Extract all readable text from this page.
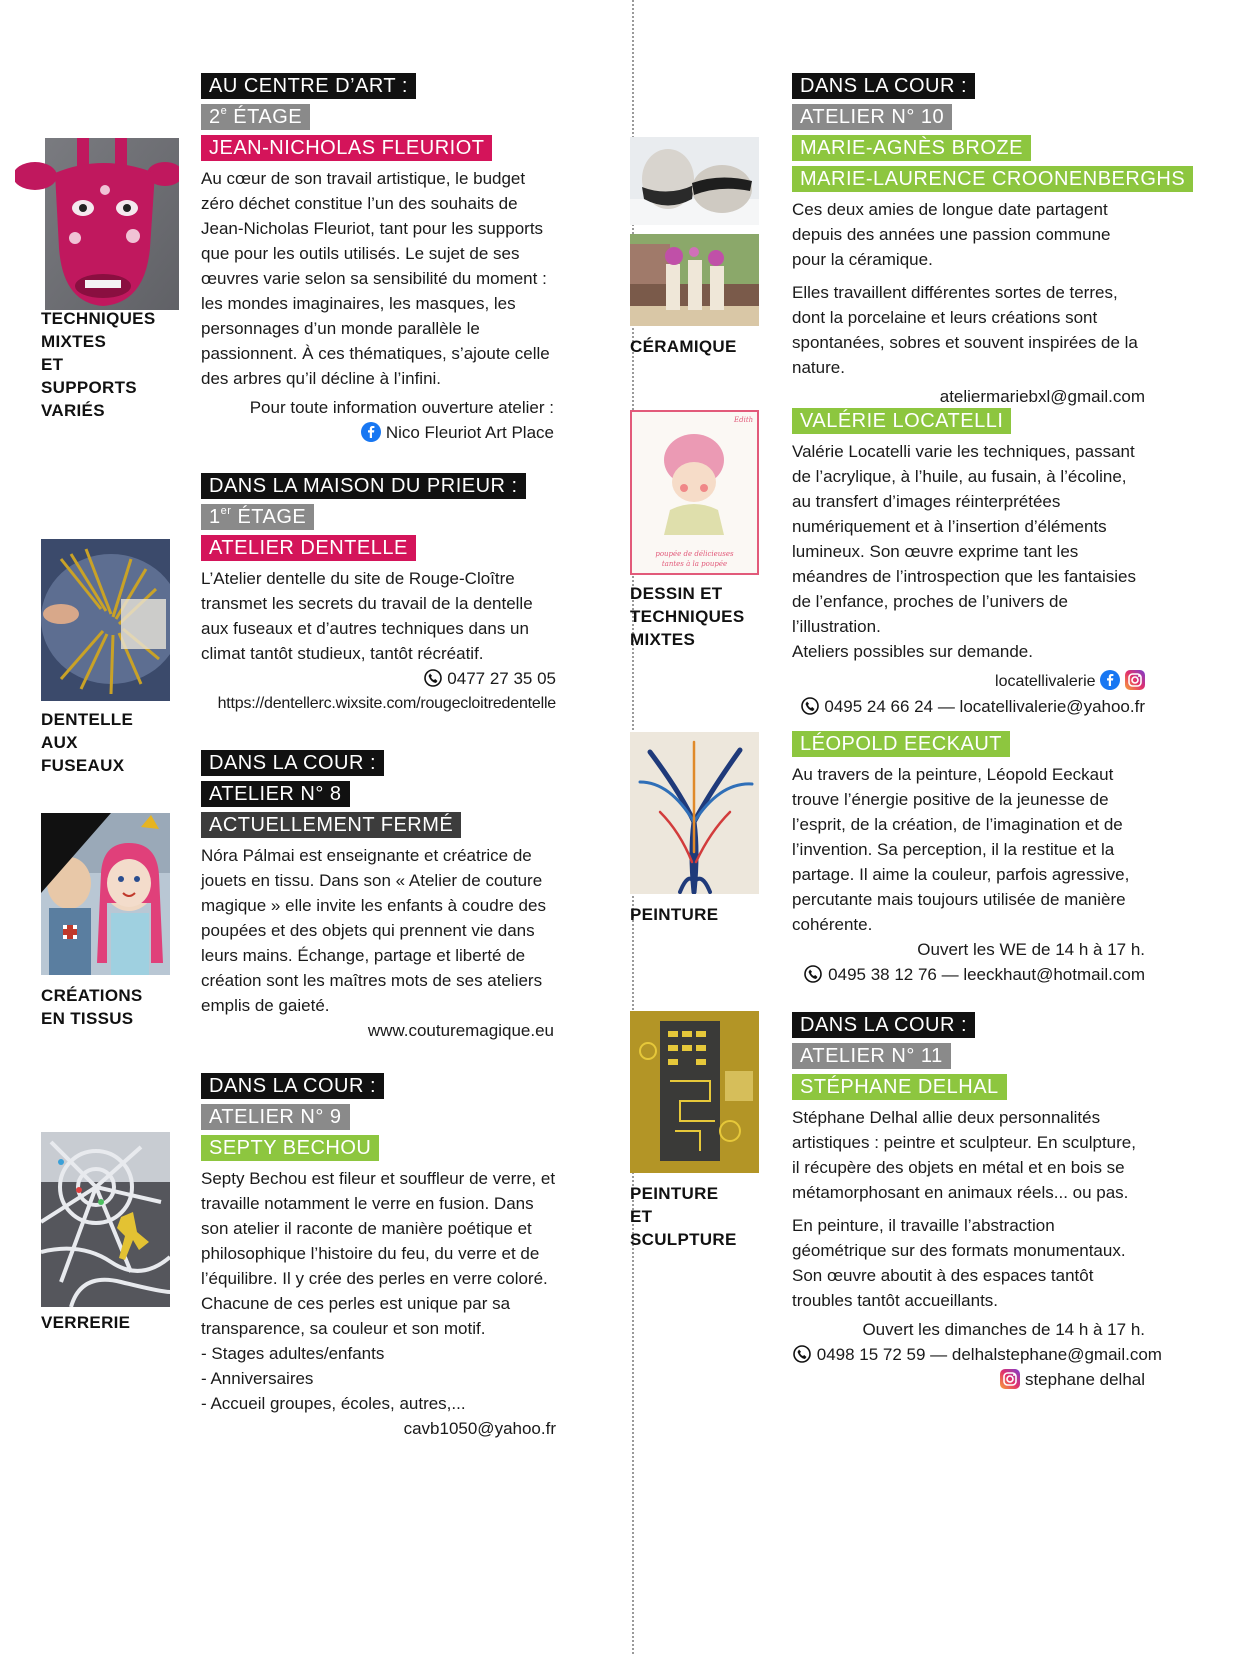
TECHNIQUES
MIXTES
ET SUPPORTS
VARIÉS
AU CENTRE D’ART :
2e ÉTAGE
JEAN-NICHOLAS FLEURIOT

Au cœur de son travail artistique, le budget zéro déchet constitue l’un des souhaits de Jean-Nicholas Fleuriot, tant pour les supports que pour les outils utilisés. Le sujet de ses œuvres varie selon sa sensibilité du moment : les mondes imaginaires, les masques, les personnages d’un monde parallèle le passionnent. À ces thématiques, s’ajoute celle des arbres qu’il décline à l’infini.

Pour toute information ouverture atelier :
Nico Fleuriot Art Place
DENTELLE
AUX FUSEAUX
DANS LA MAISON DU PRIEUR :
1er ÉTAGE
ATELIER DENTELLE

L’Atelier dentelle du site de Rouge-Cloître transmet les secrets du travail de la dentelle aux fuseaux et d’autres techniques dans un climat tantôt studieux, tantôt récréatif.

0477 27 35 05
https://dentellerc.wixsite.com/rougecloitredentelle
CRÉATIONS
EN TISSUS
DANS LA COUR :
ATELIER N° 8
ACTUELLEMENT FERMÉ

Nóra Pálmai est enseignante et créatrice de jouets en tissu. Dans son « Atelier de couture magique » elle invite les enfants à coudre des poupées et des objets qui prennent vie dans leurs mains. Échange, partage et liberté de création sont les maîtres mots de ses ateliers emplis de gaieté.

www.couturemagique.eu
VERRERIE
DANS LA COUR :
ATELIER N° 9
SEPTY BECHOU

Septy Bechou est fileur et souffleur de verre, et travaille notamment le verre en fusion. Dans son atelier il raconte de manière poétique et philosophique l’histoire du feu, du verre et de l’équilibre. Il y crée des perles en verre coloré. Chacune de ces perles est unique par sa transparence, sa couleur et son motif.

- Stages adultes/enfants

- Anniversaires

- Accueil groupes, écoles, autres,...

cavb1050@yahoo.fr
CÉRAMIQUE
DANS LA COUR :
ATELIER N° 10
MARIE-AGNÈS BROZE
MARIE-LAURENCE CROONENBERGHS

Ces deux amies de longue date partagent depuis des années une passion commune pour la céramique.

Elles travaillent différentes sortes de terres, dont la porcelaine et leurs créations sont spontanées, sobres et souvent inspirées de la nature.

ateliermariebxl@gmail.com
Edith
poupée de délicieuses
tantes à la poupée
DESSIN ET
TECHNIQUES
MIXTES
VALÉRIE LOCATELLI

Valérie Locatelli varie les techniques, passant de l’acrylique, à l’huile, au fusain, à l’écoline, au transfert d’images réinterprétées numériquement et à l’insertion d’éléments lumineux. Son œuvre exprime tant les méandres de l’introspection que les fantaisies de l’enfance, proches de l’univers de l’illustration.

Ateliers possibles sur demande.

locatellivalerie

0495 24 66 24 — locatellivalerie@yahoo.fr
PEINTURE
LÉOPOLD EECKAUT

Au travers de la peinture, Léopold Eeckaut trouve l’énergie positive de la jeunesse de l’esprit, de la création, de l’imagination et de l’invention. Sa perception, il la restitue et la partage. Il aime la couleur, parfois agressive, percutante mais toujours utilisée de manière cohérente.

Ouvert les WE de 14 h à 17 h.
0495 38 12 76 — leeckhaut@hotmail.com
PEINTURE
ET SCULPTURE
DANS LA COUR :
ATELIER N° 11
STÉPHANE DELHAL

Stéphane Delhal allie deux personnalités artistiques : peintre et sculpteur. En sculpture, il récupère des objets en métal et en bois se métamorphosant en animaux réels... ou pas.

En peinture, il travaille l’abstraction géométrique sur des formats monumentaux. Son œuvre aboutit à des espaces tantôt troubles tantôt accueillants.

Ouvert les dimanches de 14 h à 17 h.
0498 15 72 59 — delhalstephane@gmail.com
stephane delhal
